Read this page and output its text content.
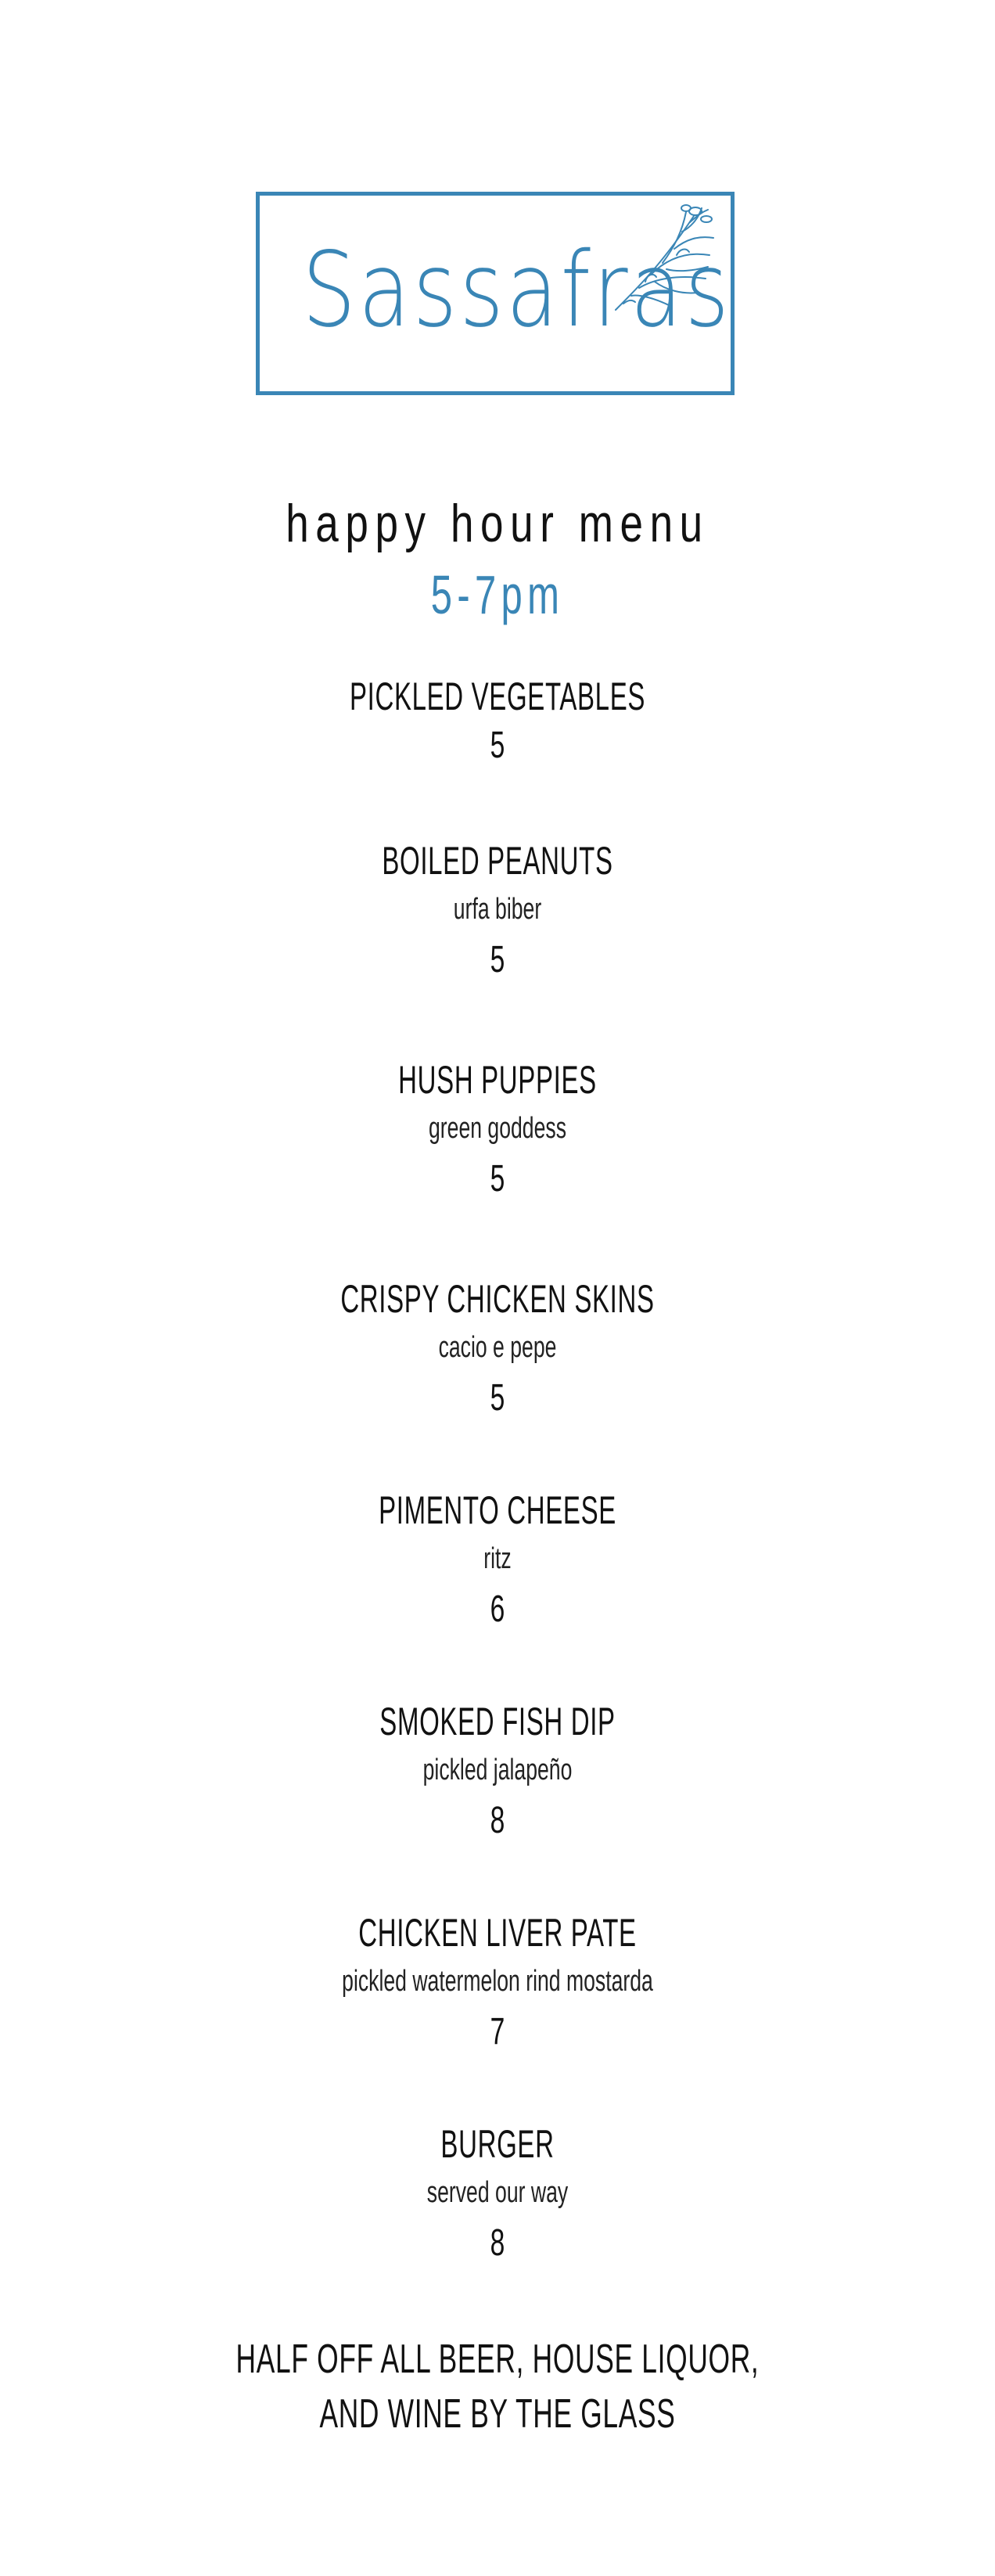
Sassafras
happy hour menu
5-7pm
PICKLED VEGETABLES
5
BOILED PEANUTS
urfa biber
5
HUSH PUPPIES
green goddess
5
CRISPY CHICKEN SKINS
cacio e pepe
5
PIMENTO CHEESE
ritz
6
SMOKED FISH DIP
pickled jalapeño
8
CHICKEN LIVER PATE
pickled watermelon rind mostarda
7
BURGER
served our way
8
HALF OFF ALL BEER, HOUSE LIQUOR,
AND WINE BY THE GLASS
